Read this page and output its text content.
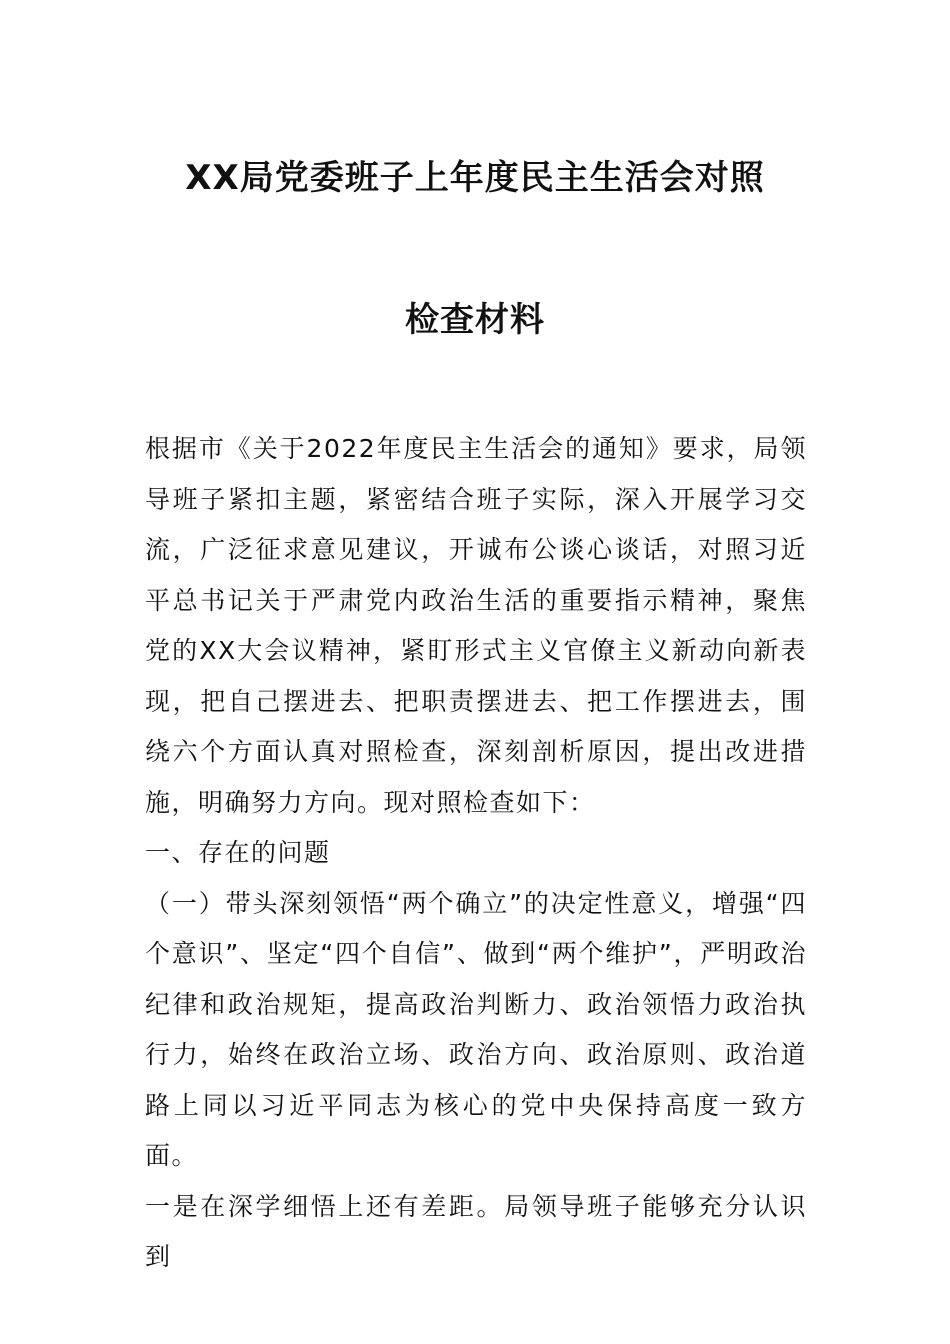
XX局党委班子上年度民主生活会对照
检查材料

根据市《关于2022年度民主生活会的通知》要求，局领导班子紧扣主题，紧密结合班子实际，深入开展学习交流，广泛征求意见建议，开诚布公谈心谈话，对照习近平总书记关于严肃党内政治生活的重要指示精神，聚焦党的XX大会议精神，紧盯形式主义官僚主义新动向新表现，把自己摆进去、把职责摆进去、把工作摆进去，围绕六个方面认真对照检查，深刻剖析原因，提出改进措施，明确努力方向。现对照检查如下：

一、存在的问题

（一）带头深刻领悟“两个确立”的决定性意义，增强“四个意识”、坚定“四个自信”、做到“两个维护”，严明政治纪律和政治规矩，提高政治判断力、政治领悟力政治执行力，始终在政治立场、政治方向、政治原则、政治道路上同以习近平同志为核心的党中央保持高度一致方面。

一是在深学细悟上还有差距。局领导班子能够充分认识到
